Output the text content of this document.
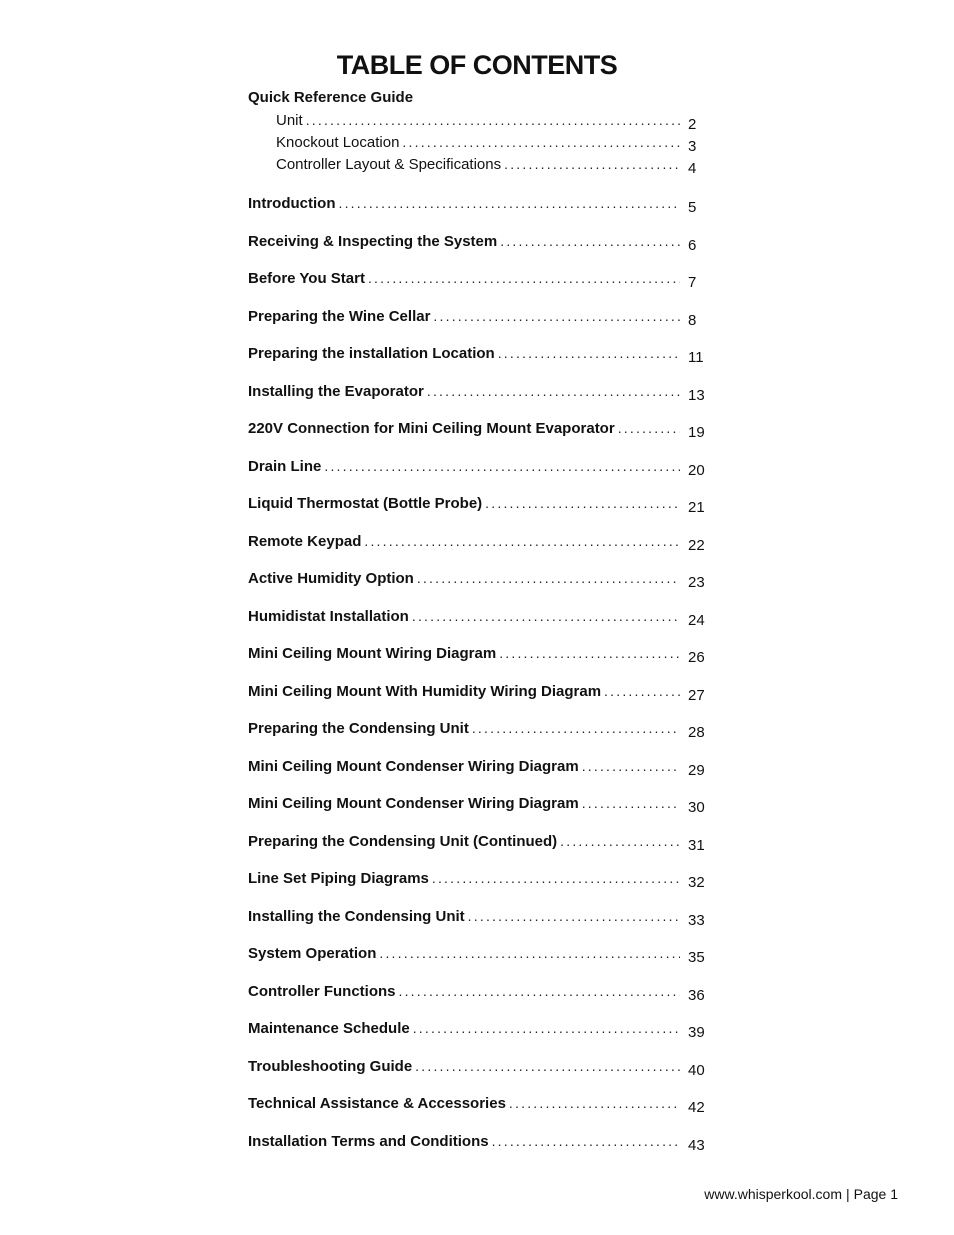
TABLE OF CONTENTS
Quick Reference Guide
Unit .....	2
Knockout Location .....	3
Controller Layout & Specifications .....	4
Introduction .....	5
Receiving & Inspecting the System .....	6
Before You Start .....	7
Preparing the Wine Cellar .....	8
Preparing the installation Location .....	11
Installing the Evaporator .....	13
220V Connection for Mini Ceiling Mount Evaporator .....	19
Drain Line .....	20
Liquid Thermostat (Bottle Probe) .....	21
Remote Keypad .....	22
Active Humidity Option .....	23
Humidistat Installation .....	24
Mini Ceiling Mount Wiring Diagram .....	26
Mini Ceiling Mount With Humidity Wiring Diagram .....	27
Preparing the Condensing Unit .....	28
Mini Ceiling Mount Condenser Wiring Diagram .....	29
Mini Ceiling Mount Condenser Wiring Diagram .....	30
Preparing the Condensing Unit (Continued) .....	31
Line Set Piping Diagrams .....	32
Installing the Condensing Unit .....	33
System Operation .....	35
Controller Functions .....	36
Maintenance Schedule .....	39
Troubleshooting Guide .....	40
Technical Assistance & Accessories .....	42
Installation Terms and Conditions .....	43
www.whisperkool.com | Page 1
